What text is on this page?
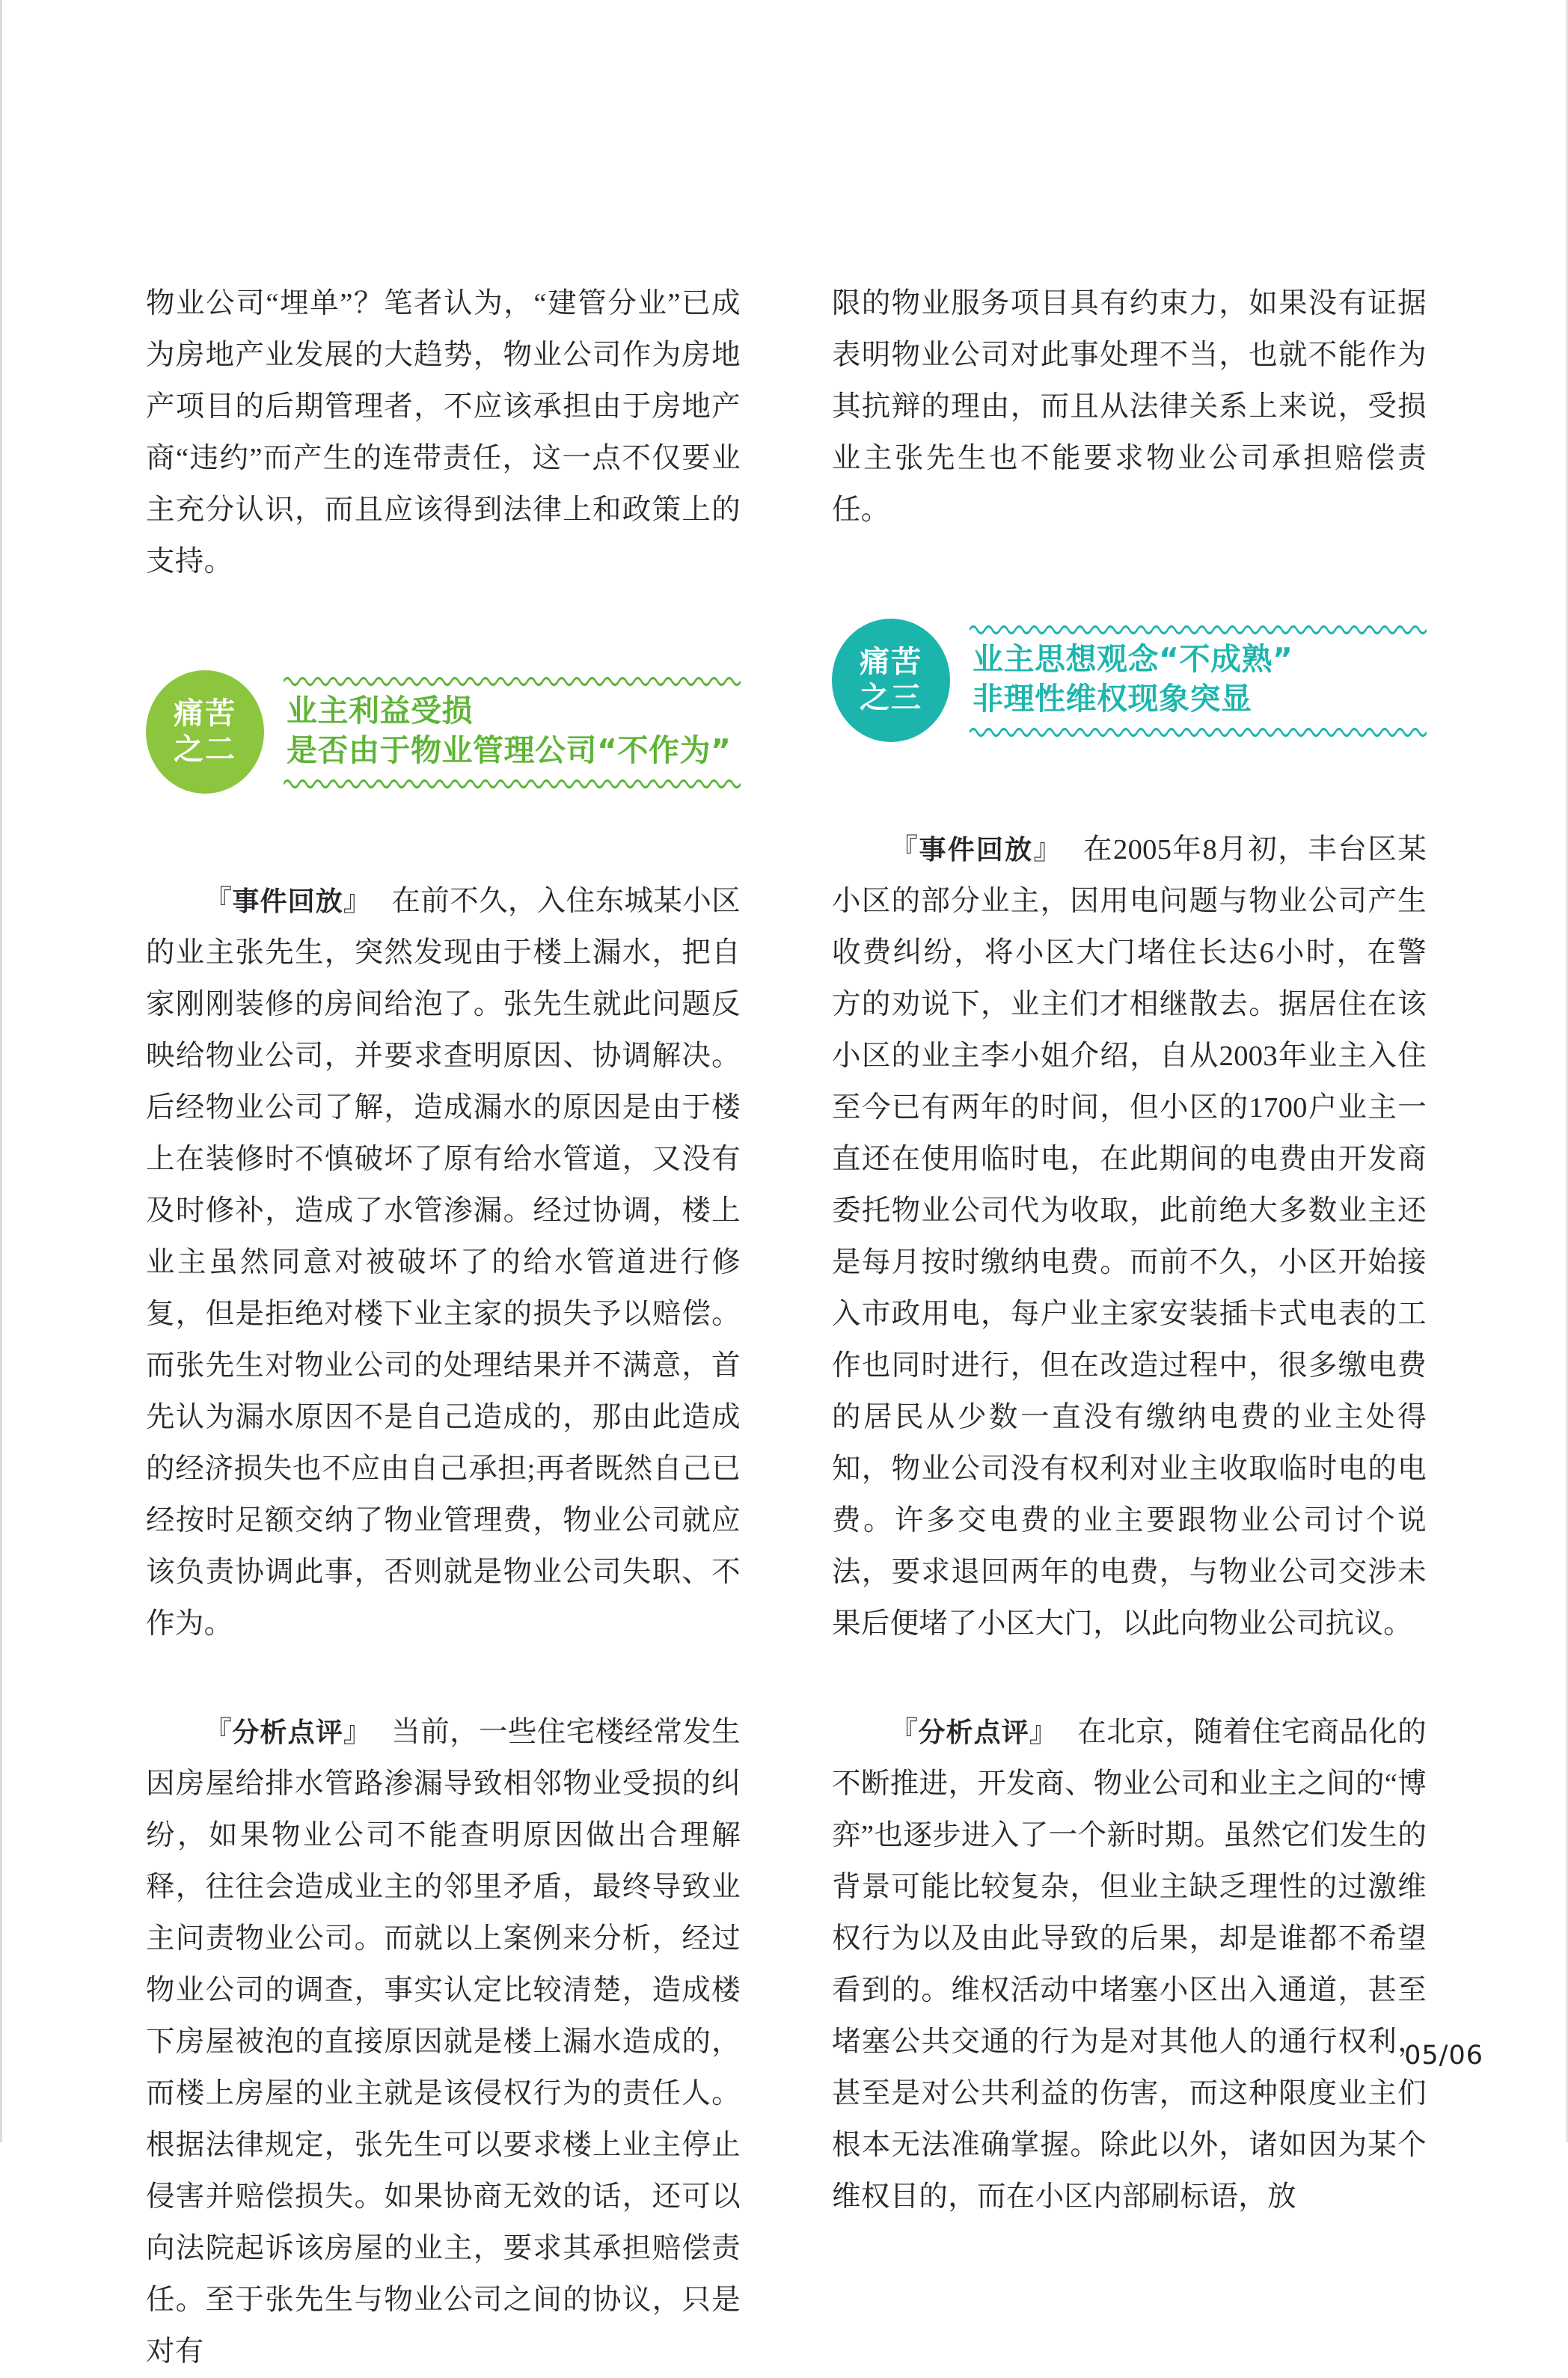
物业公司“埋单”？笔者认为，“建管分业”已成为房地产业发展的大趋势，物业公司作为房地产项目的后期管理者，不应该承担由于房地产商“违约”而产生的连带责任，这一点不仅要业主充分认识，而且应该得到法律上和政策上的支持。

痛苦
之二
业主利益受损
是否由于物业管理公司“不作为”

『事件回放』 在前不久，入住东城某小区的业主张先生，突然发现由于楼上漏水，把自家刚刚装修的房间给泡了。张先生就此问题反映给物业公司，并要求查明原因、协调解决。后经物业公司了解，造成漏水的原因是由于楼上在装修时不慎破坏了原有给水管道，又没有及时修补，造成了水管渗漏。经过协调，楼上业主虽然同意对被破坏了的给水管道进行修复，但是拒绝对楼下业主家的损失予以赔偿。而张先生对物业公司的处理结果并不满意，首先认为漏水原因不是自己造成的，那由此造成的经济损失也不应由自己承担;再者既然自己已经按时足额交纳了物业管理费，物业公司就应该负责协调此事，否则就是物业公司失职、不作为。

『分析点评』 当前，一些住宅楼经常发生因房屋给排水管路渗漏导致相邻物业受损的纠纷，如果物业公司不能查明原因做出合理解释，往往会造成业主的邻里矛盾，最终导致业主问责物业公司。而就以上案例来分析，经过物业公司的调查，事实认定比较清楚，造成楼下房屋被泡的直接原因就是楼上漏水造成的，而楼上房屋的业主就是该侵权行为的责任人。根据法律规定，张先生可以要求楼上业主停止侵害并赔偿损失。如果协商无效的话，还可以向法院起诉该房屋的业主，要求其承担赔偿责任。至于张先生与物业公司之间的协议，只是对有

限的物业服务项目具有约束力，如果没有证据表明物业公司对此事处理不当，也就不能作为其抗辩的理由，而且从法律关系上来说，受损业主张先生也不能要求物业公司承担赔偿责任。

痛苦
之三
业主思想观念“不成熟”
非理性维权现象突显

『事件回放』 在2005年8月初，丰台区某小区的部分业主，因用电问题与物业公司产生收费纠纷，将小区大门堵住长达6小时，在警方的劝说下，业主们才相继散去。据居住在该小区的业主李小姐介绍，自从2003年业主入住至今已有两年的时间，但小区的1700户业主一直还在使用临时电，在此期间的电费由开发商委托物业公司代为收取，此前绝大多数业主还是每月按时缴纳电费。而前不久，小区开始接入市政用电，每户业主家安装插卡式电表的工作也同时进行，但在改造过程中，很多缴电费的居民从少数一直没有缴纳电费的业主处得知，物业公司没有权利对业主收取临时电的电费。许多交电费的业主要跟物业公司讨个说法，要求退回两年的电费，与物业公司交涉未果后便堵了小区大门，以此向物业公司抗议。

『分析点评』 在北京，随着住宅商品化的不断推进，开发商、物业公司和业主之间的“博弈”也逐步进入了一个新时期。虽然它们发生的背景可能比较复杂，但业主缺乏理性的过激维权行为以及由此导致的后果，却是谁都不希望看到的。维权活动中堵塞小区出入通道，甚至堵塞公共交通的行为是对其他人的通行权利，甚至是对公共利益的伤害，而这种限度业主们根本无法准确掌握。除此以外，诸如因为某个维权目的，而在小区内部刷标语，放

05/06
